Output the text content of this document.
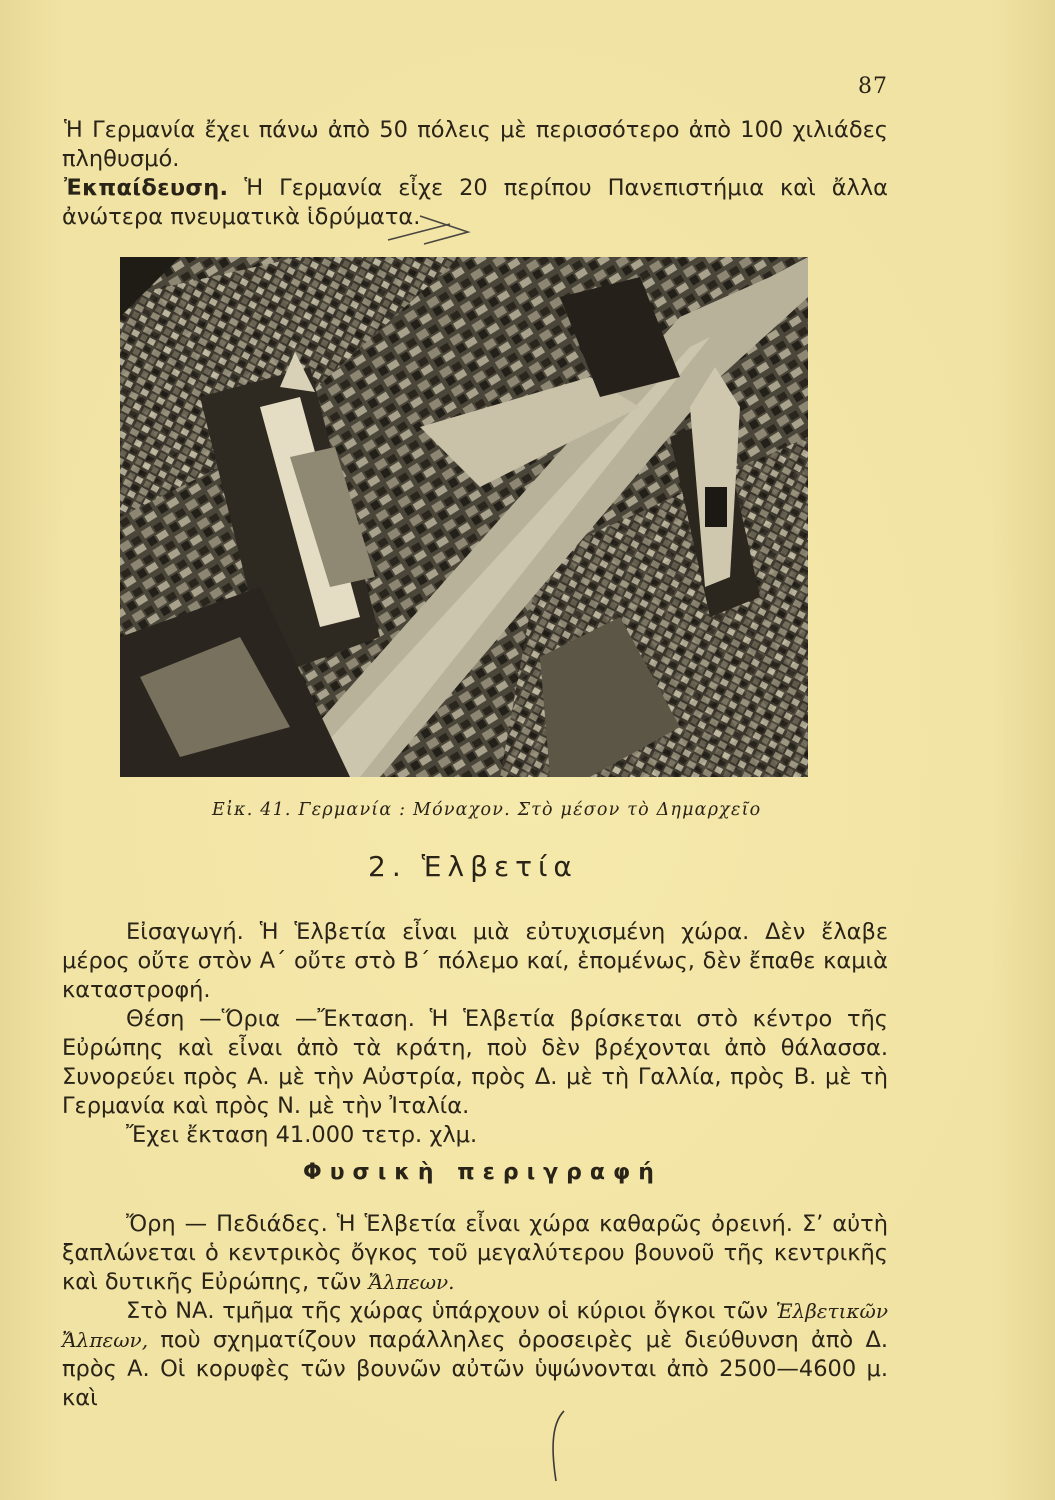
87

Ἡ Γερμανία ἔχει πάνω ἀπὸ 50 πόλεις μὲ περισσότερο ἀπὸ 100 χιλιάδες πληθυσμό.

Ἐκπαίδευση. Ἡ Γερμανία εἶχε 20 περίπου Πανεπιστήμια καὶ ἄλλα ἀνώτερα πνευματικὰ ἱδρύματα.

Εἰκ. 41. Γερμανία : Μόναχον. Στὸ μέσον τὸ Δημαρχεῖο
2. Ἑλβετία

Εἰσαγωγή. Ἡ Ἑλβετία εἶναι μιὰ εὐτυχισμένη χώρα. Δὲν ἔλαβε μέρος οὔτε στὸν Α΄ οὔτε στὸ Β΄ πόλεμο καί, ἑπομένως, δὲν ἔπαθε καμιὰ καταστροφή.

Θέση —Ὅρια —Ἔκταση. Ἡ Ἑλβετία βρίσκεται στὸ κέντρο τῆς Εὐρώπης καὶ εἶναι ἀπὸ τὰ κράτη, ποὺ δὲν βρέχονται ἀπὸ θάλασσα. Συνορεύει πρὸς Α. μὲ τὴν Αὐστρία, πρὸς Δ. μὲ τὴ Γαλλία, πρὸς Β. μὲ τὴ Γερμανία καὶ πρὸς Ν. μὲ τὴν Ἰταλία.

Ἔχει ἔκταση 41.000 τετρ. χλμ.

Φυσικὴ περιγραφή

Ὄρη — Πεδιάδες. Ἡ Ἑλβετία εἶναι χώρα καθαρῶς ὀρεινή. Σ’ αὐτὴ ξαπλώνεται ὁ κεντρικὸς ὄγκος τοῦ μεγαλύτερου βουνοῦ τῆς κεντρικῆς καὶ δυτικῆς Εὐρώπης, τῶν Ἄλπεων.

Στὸ ΝΑ. τμῆμα τῆς χώρας ὑπάρχουν οἱ κύριοι ὄγκοι τῶν Ἑλβετικῶν Ἄλπεων, ποὺ σχηματίζουν παράλληλες ὀροσειρὲς μὲ διεύθυνση ἀπὸ Δ. πρὸς Α. Οἱ κορυφὲς τῶν βουνῶν αὐτῶν ὑψώνονται ἀπὸ 2500—4600 μ. καὶ
